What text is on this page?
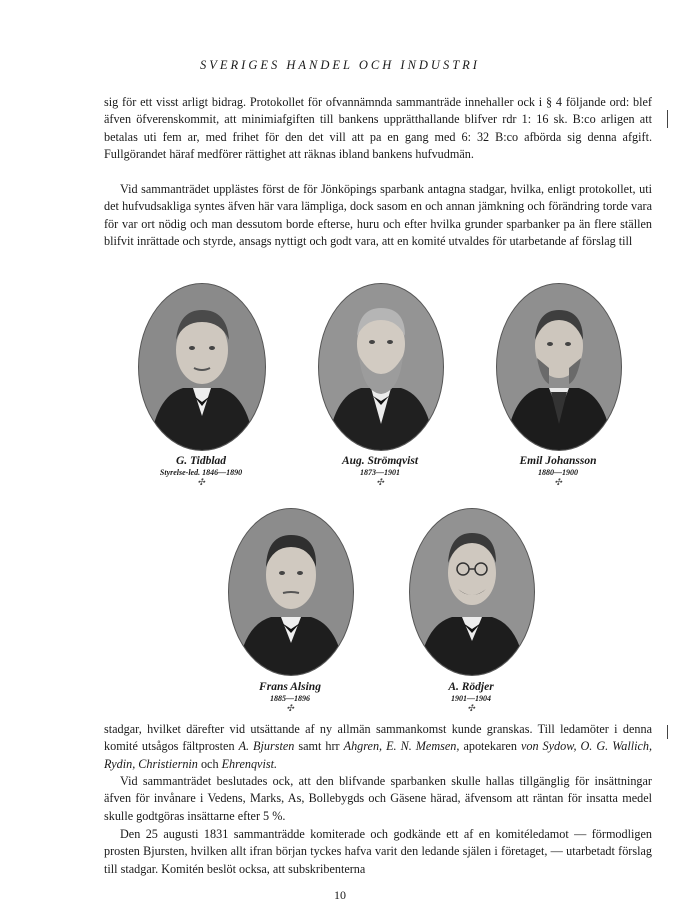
SVERIGES HANDEL OCH INDUSTRI

sig för ett visst arligt bidrag. Protokollet för ofvannämnda sammanträde innehaller ock i § 4 följande ord: blef äfven öfverenskommit, att minimiafgiften till bankens upprätthallande blifver rdr 1: 16 sk. B:co arligen att betalas uti fem ar, med frihet för den det vill att pa en gang med 6: 32 B:co afbörda sig denna afgift. Fullgörandet häraf medförer rättighet att räknas ibland bankens hufvudmän.

Vid sammanträdet upplästes först de för Jönköpings sparbank antagna stadgar, hvilka, enligt protokollet, uti det hufvudsakliga syntes äfven här vara lämpliga, dock sasom en och annan jämkning och förändring torde vara för var ort nödig och man dessutom borde efterse, huru och efter hvilka grunder sparbanker pa än flere ställen blifvit inrättade och styrde, ansags nyttigt och godt vara, att en komité utvaldes för utarbetande af förslag till

G. Tidblad
Styrelse-led. 1846—1890
✣
Aug. Strömqvist
1873—1901
✣
Emil Johansson
1880—1900
✣
Frans Alsing
1885—1896
✣
A. Rödjer
1901—1904
✣

stadgar, hvilket därefter vid utsättande af ny allmän sammankomst kunde granskas. Till ledamöter i denna komité utsågos fältprosten A. Bjursten samt hrr Ahgren, E. N. Memsen, apotekaren von Sydow, O. G. Wallich, Rydin, Christiernin och Ehrenqvist.

Vid sammanträdet beslutades ock, att den blifvande sparbanken skulle hallas tillgänglig för insättningar äfven för invånare i Vedens, Marks, As, Bollebygds och Gäsene härad, äfvensom att räntan för insatta medel skulle godtgöras insättarne efter 5 %.

Den 25 augusti 1831 sammanträdde komiterade och godkände ett af en komitéledamot — förmodligen prosten Bjursten, hvilken allt ifran början tyckes hafva varit den ledande själen i företaget, — utarbetadt förslag till stadgar. Komitén beslöt ocksa, att subskribenterna

10
